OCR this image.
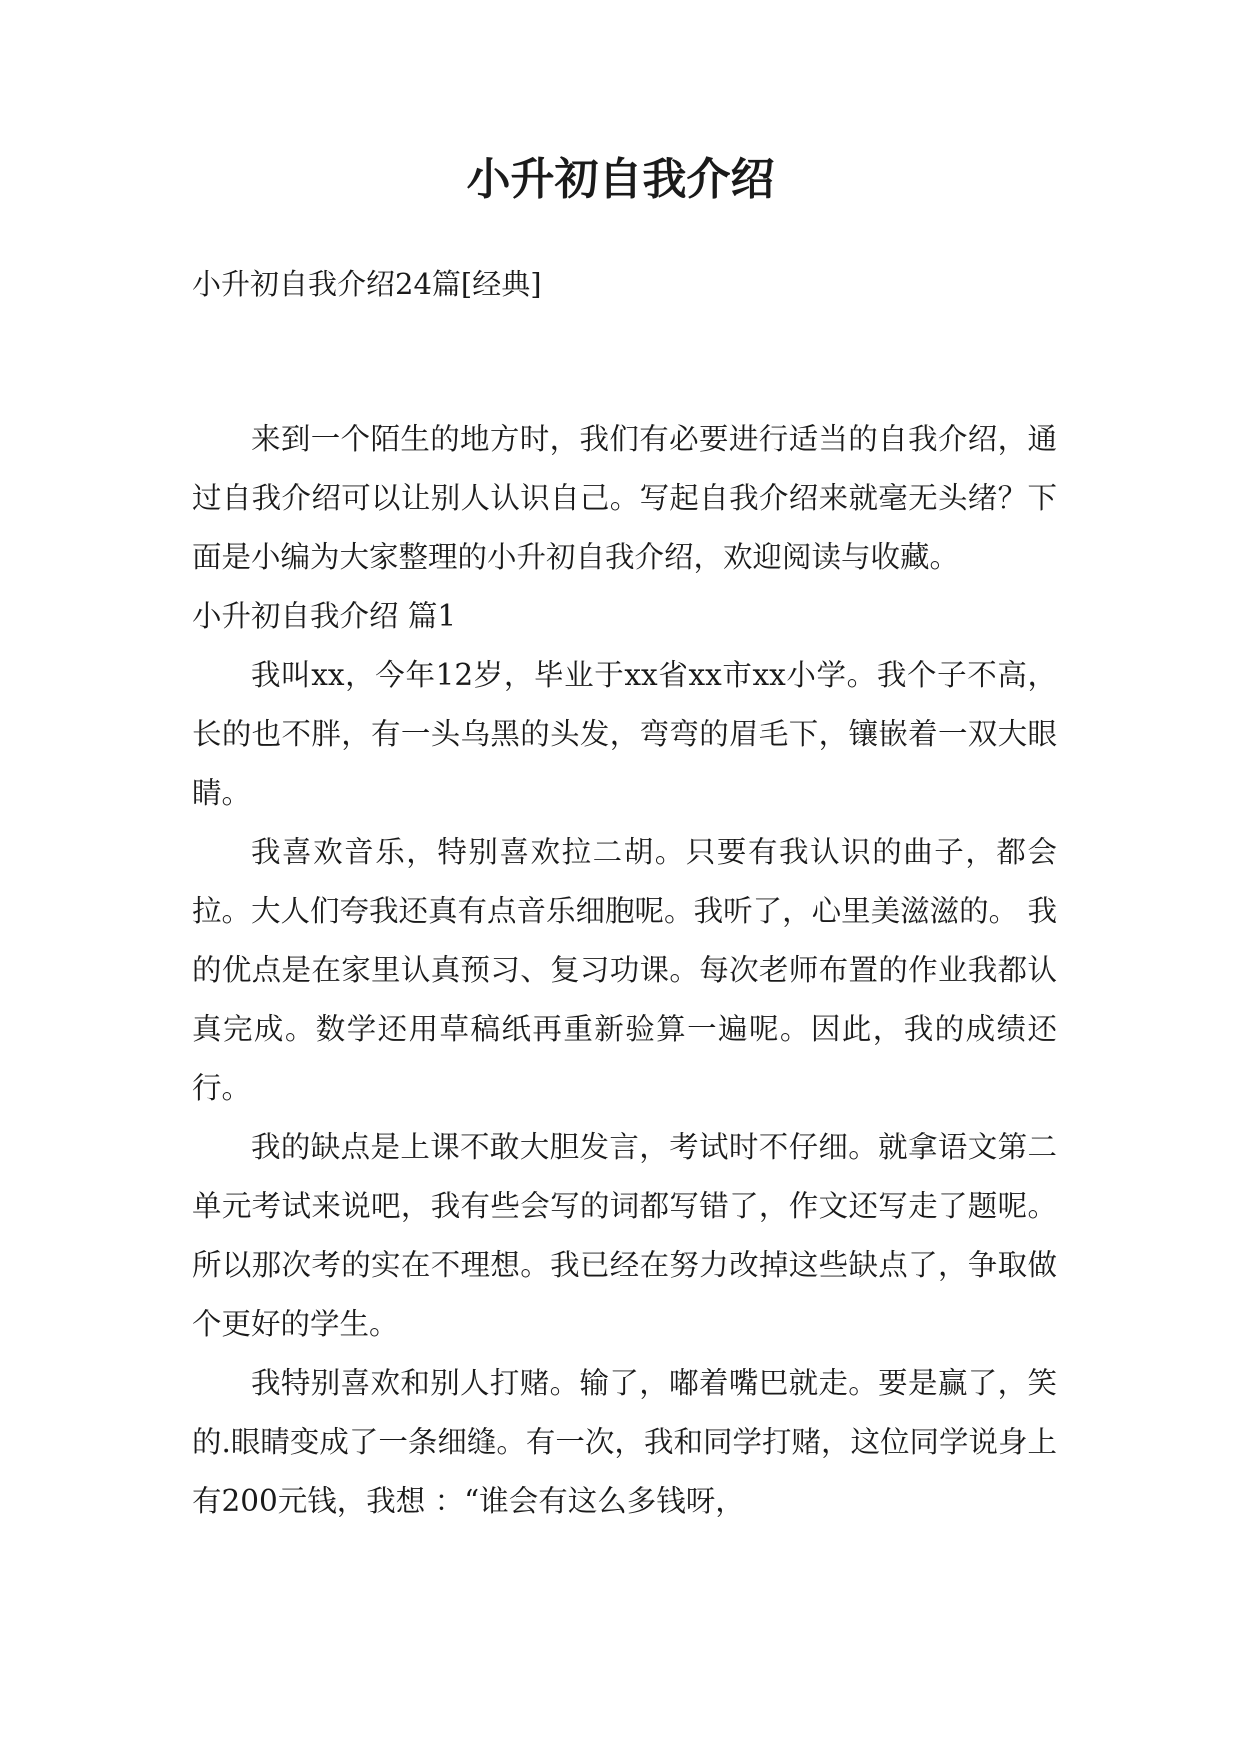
小升初自我介绍

小升初自我介绍24篇[经典]

来到一个陌生的地方时，我们有必要进行适当的自我介绍，通过自我介绍可以让别人认识自己。写起自我介绍来就毫无头绪？下面是小编为大家整理的小升初自我介绍，欢迎阅读与收藏。

小升初自我介绍 篇1

我叫xx，今年12岁，毕业于xx省xx市xx小学。我个子不高，长的也不胖，有一头乌黑的头发，弯弯的眉毛下，镶嵌着一双大眼睛。

我喜欢音乐，特别喜欢拉二胡。只要有我认识的曲子，都会拉。大人们夸我还真有点音乐细胞呢。我听了，心里美滋滋的。 我的优点是在家里认真预习、复习功课。每次老师布置的作业我都认真完成。数学还用草稿纸再重新验算一遍呢。因此，我的成绩还行。

我的缺点是上课不敢大胆发言，考试时不仔细。就拿语文第二单元考试来说吧，我有些会写的词都写错了，作文还写走了题呢。所以那次考的实在不理想。我已经在努力改掉这些缺点了，争取做个更好的学生。

我特别喜欢和别人打赌。输了，嘟着嘴巴就走。要是赢了，笑的.眼睛变成了一条细缝。有一次，我和同学打赌，这位同学说身上有200元钱，我想 ：“谁会有这么多钱呀，
